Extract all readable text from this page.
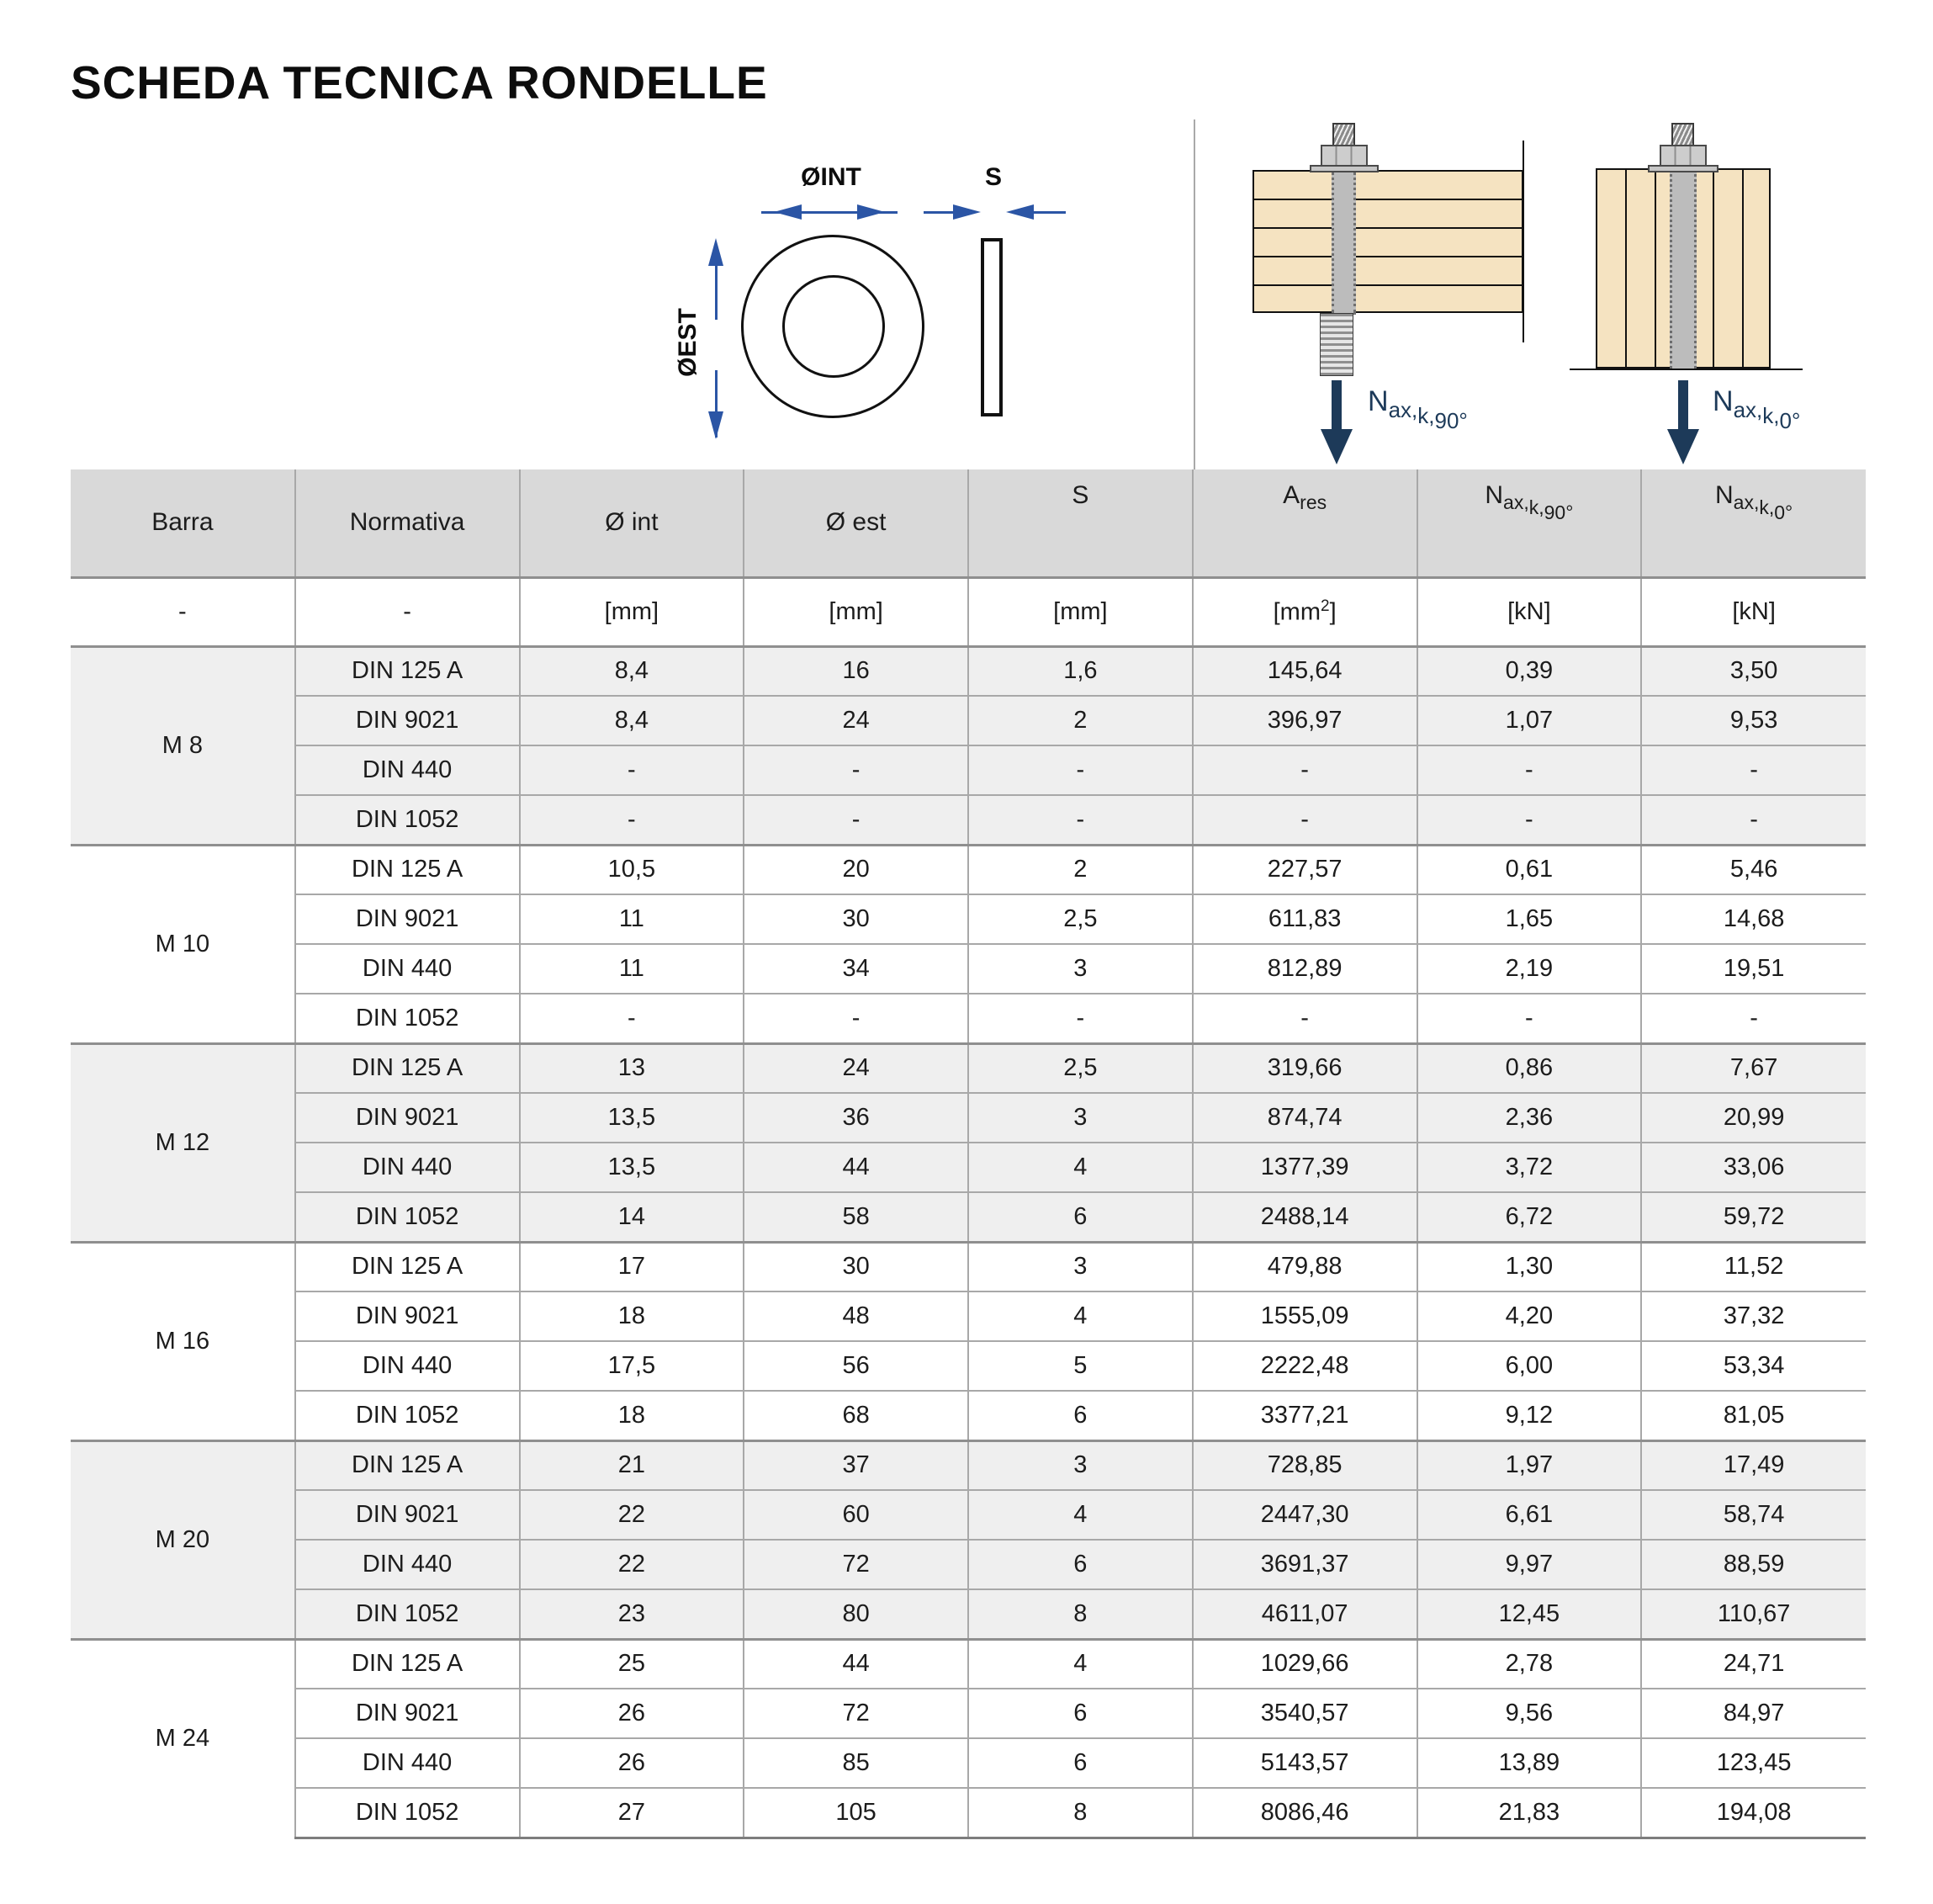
SCHEDA TECNICA RONDELLE
ØINT	S
ØEST
$N_{ax,k,90^\circ}$
$N_{ax,k,0^\circ}$
Barra	Normativa	Ø int	Ø est	S	$A_{res}$	$N_{ax,k,90^\circ}$	$N_{ax,k,0^\circ}$
-	-	[mm]	[mm]	[mm]	$[mm^2]$	[kN]	[kN]
M 8	DIN 125 A	8,4	16	1,6	145,64	0,39	3,50
	DIN 9021	8,4	24	2	396,97	1,07	9,53
	DIN 440	-	-	-	-	-	-
	DIN 1052	-	-	-	-	-	-
M 10	DIN 125 A	10,5	20	2	227,57	0,61	5,46
	DIN 9021	11	30	2,5	611,83	1,65	14,68
	DIN 440	11	34	3	812,89	2,19	19,51
	DIN 1052	-	-	-	-	-	-
M 12	DIN 125 A	13	24	2,5	319,66	0,86	7,67
	DIN 9021	13,5	36	3	874,74	2,36	20,99
	DIN 440	13,5	44	4	1377,39	3,72	33,06
	DIN 1052	14	58	6	2488,14	6,72	59,72
M 16	DIN 125 A	17	30	3	479,88	1,30	11,52
	DIN 9021	18	48	4	1555,09	4,20	37,32
	DIN 440	17,5	56	5	2222,48	6,00	53,34
	DIN 1052	18	68	6	3377,21	9,12	81,05
M 20	DIN 125 A	21	37	3	728,85	1,97	17,49
	DIN 9021	22	60	4	2447,30	6,61	58,74
	DIN 440	22	72	6	3691,37	9,97	88,59
	DIN 1052	23	80	8	4611,07	12,45	110,67
M 24	DIN 125 A	25	44	4	1029,66	2,78	24,71
	DIN 9021	26	72	6	3540,57	9,56	84,97
	DIN 440	26	85	6	5143,57	13,89	123,45
	DIN 1052	27	105	8	8086,46	21,83	194,08
